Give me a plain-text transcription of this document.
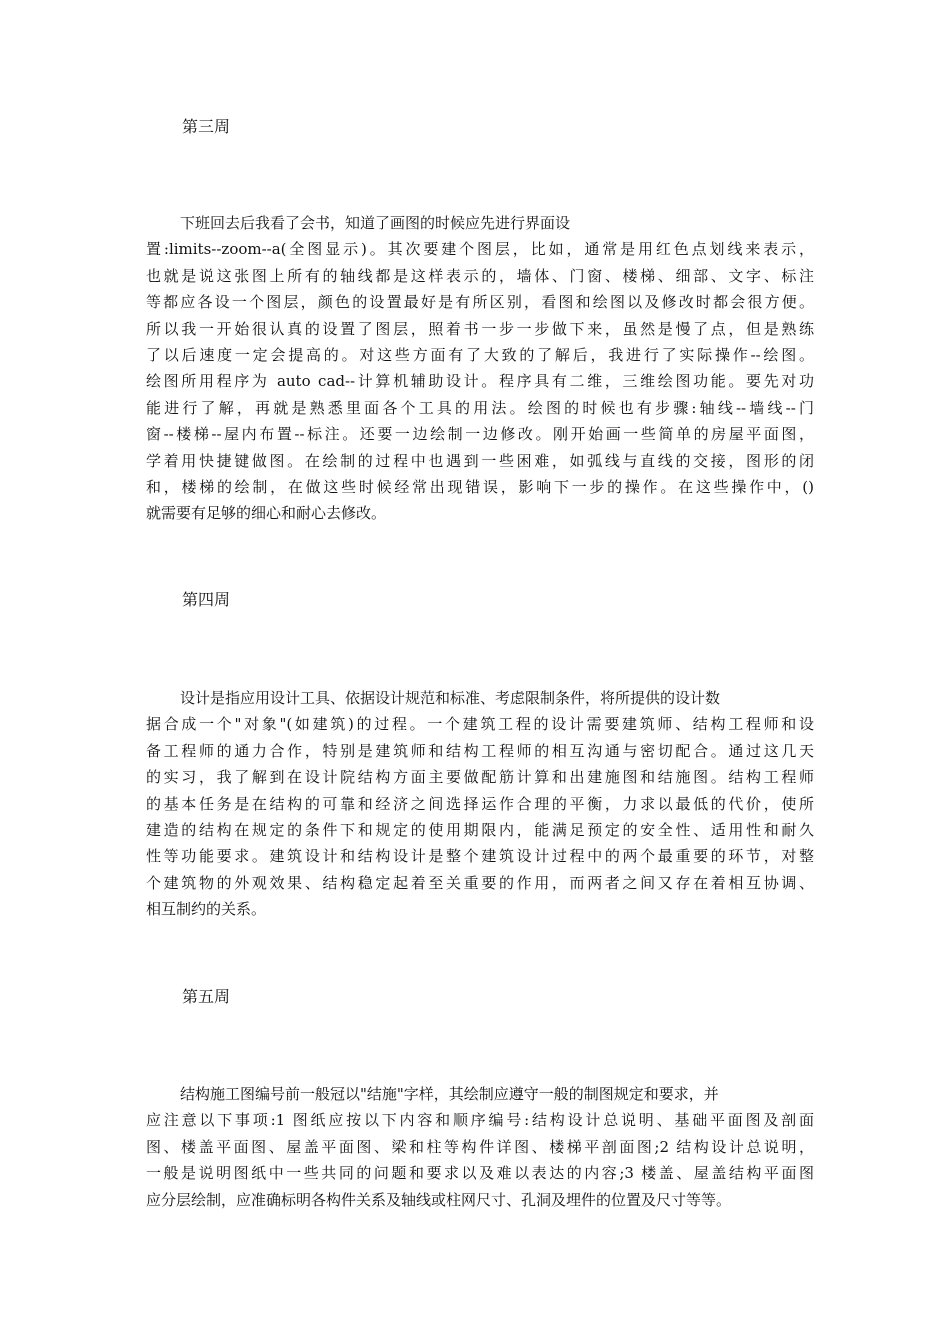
第三周
下班回去后我看了会书，知道了画图的时候应先进行界面设
置:limits--zoom--a(全图显示)。其次要建个图层，比如，通常是用红色点划线来表示，
也就是说这张图上所有的轴线都是这样表示的，墙体、门窗、楼梯、细部、文字、标注
等都应各设一个图层，颜色的设置最好是有所区别，看图和绘图以及修改时都会很方便。
所以我一开始很认真的设置了图层，照着书一步一步做下来，虽然是慢了点，但是熟练
了以后速度一定会提高的。对这些方面有了大致的了解后，我进行了实际操作--绘图。
绘图所用程序为 auto cad--计算机辅助设计。程序具有二维，三维绘图功能。要先对功
能进行了解，再就是熟悉里面各个工具的用法。绘图的时候也有步骤:轴线--墙线--门
窗--楼梯--屋内布置--标注。还要一边绘制一边修改。刚开始画一些简单的房屋平面图，
学着用快捷键做图。在绘制的过程中也遇到一些困难，如弧线与直线的交接，图形的闭
和，楼梯的绘制，在做这些时候经常出现错误，影响下一步的操作。在这些操作中，()
就需要有足够的细心和耐心去修改。
第四周
设计是指应用设计工具、依据设计规范和标准、考虑限制条件，将所提供的设计数
据合成一个"对象"(如建筑)的过程。一个建筑工程的设计需要建筑师、结构工程师和设
备工程师的通力合作，特别是建筑师和结构工程师的相互沟通与密切配合。通过这几天
的实习，我了解到在设计院结构方面主要做配筋计算和出建施图和结施图。结构工程师
的基本任务是在结构的可靠和经济之间选择运作合理的平衡，力求以最低的代价，使所
建造的结构在规定的条件下和规定的使用期限内，能满足预定的安全性、适用性和耐久
性等功能要求。建筑设计和结构设计是整个建筑设计过程中的两个最重要的环节，对整
个建筑物的外观效果、结构稳定起着至关重要的作用，而两者之间又存在着相互协调、
相互制约的关系。
第五周
结构施工图编号前一般冠以"结施"字样，其绘制应遵守一般的制图规定和要求，并
应注意以下事项:1 图纸应按以下内容和顺序编号:结构设计总说明、基础平面图及剖面
图、楼盖平面图、屋盖平面图、梁和柱等构件详图、楼梯平剖面图;2 结构设计总说明，
一般是说明图纸中一些共同的问题和要求以及难以表达的内容;3 楼盖、屋盖结构平面图
应分层绘制，应准确标明各构件关系及轴线或柱网尺寸、孔洞及埋件的位置及尺寸等等。
